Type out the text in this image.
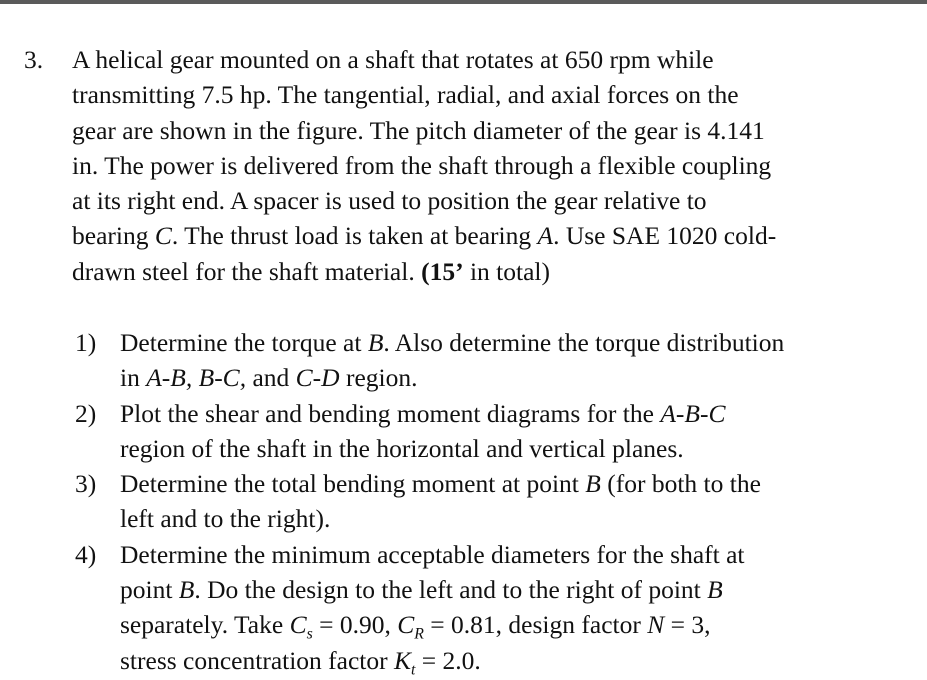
3.	A helical gear mounted on a shaft that rotates at 650 rpm while
transmitting 7.5 hp. The tangential, radial, and axial forces on the
gear are shown in the figure. The pitch diameter of the gear is 4.141
in. The power is delivered from the shaft through a flexible coupling
at its right end. A spacer is used to position the gear relative to
bearing C. The thrust load is taken at bearing A. Use SAE 1020 cold-
drawn steel for the shaft material. (15’ in total)

1) Determine the torque at B. Also determine the torque distribution
in A-B, B-C, and C-D region.
2) Plot the shear and bending moment diagrams for the A-B-C
region of the shaft in the horizontal and vertical planes.
3) Determine the total bending moment at point B (for both to the
left and to the right).
4) Determine the minimum acceptable diameters for the shaft at
point B. Do the design to the left and to the right of point B
separately. Take $C_s = 0.90$, $C_R = 0.81$, design factor N = 3,
stress concentration factor $K_t = 2.0$.
